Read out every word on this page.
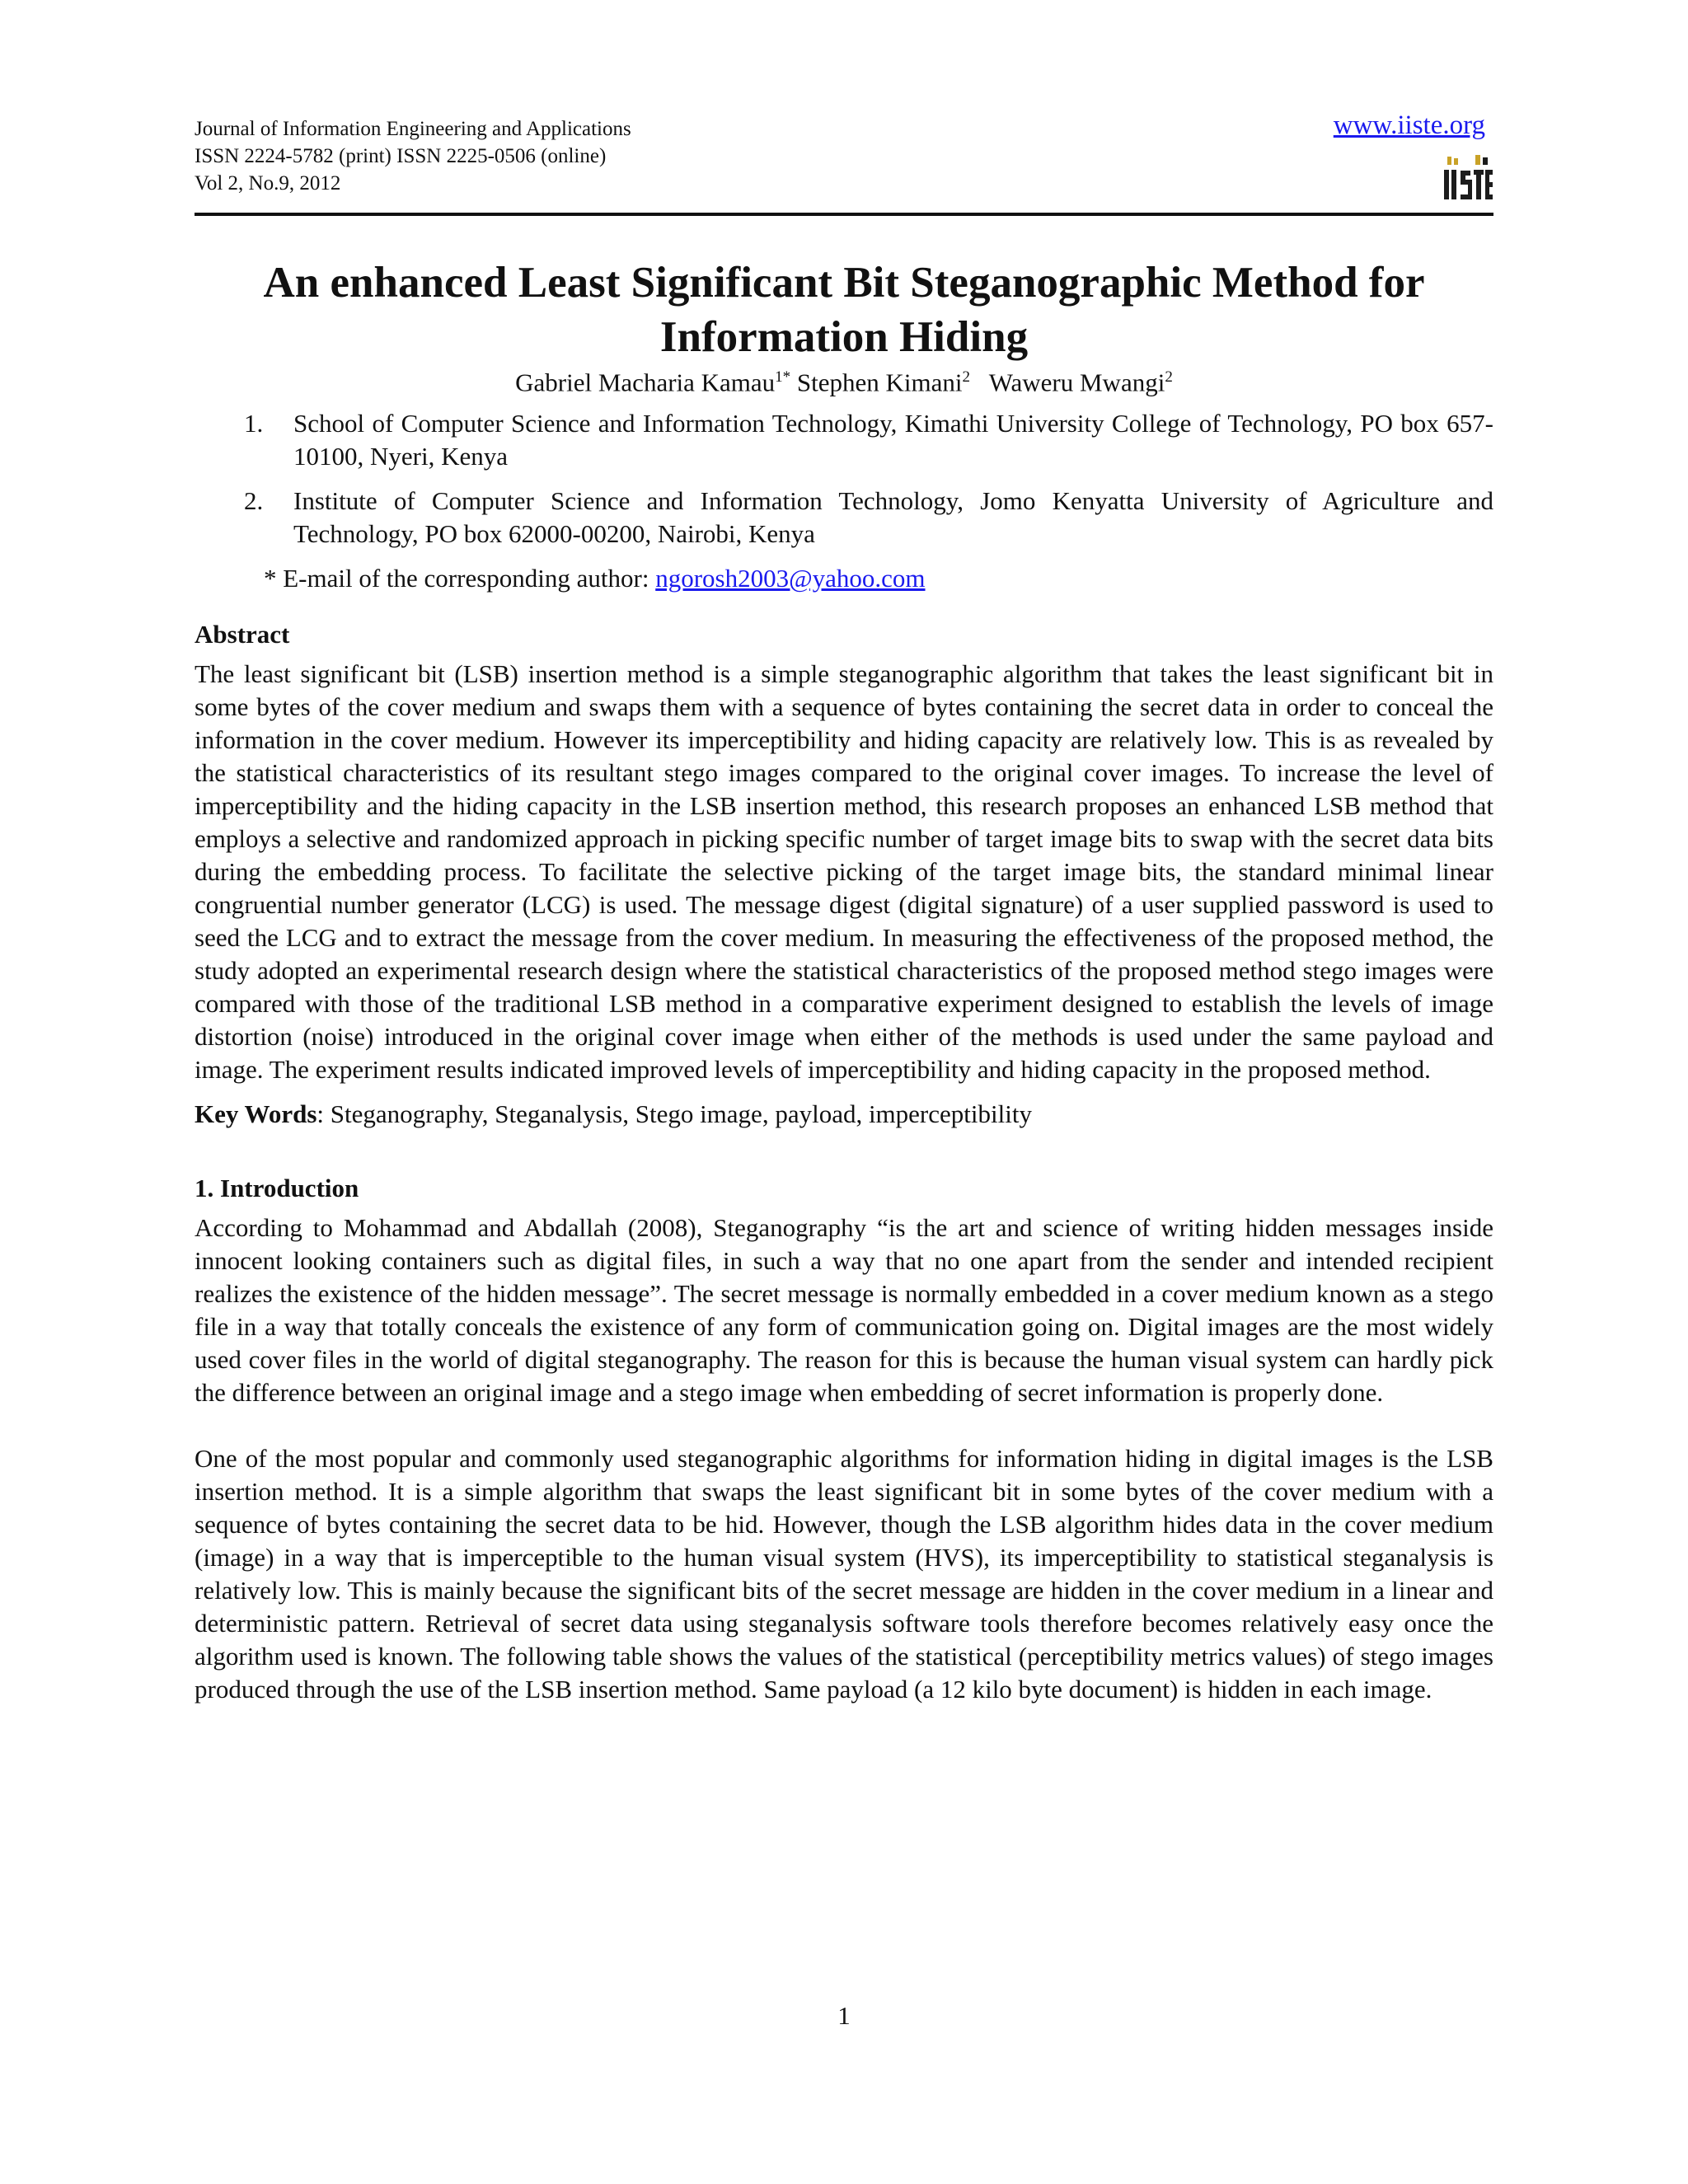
Journal of Information Engineering and Applications
ISSN 2224-5782 (print) ISSN 2225-0506 (online)
Vol 2, No.9, 2012
www.iiste.org
An enhanced Least Significant Bit Steganographic Method for Information Hiding
Gabriel Macharia Kamau$^{1*}$ Stephen Kimani$^2$ Waweru Mwangi$^2$
1. School of Computer Science and Information Technology, Kimathi University College of Technology, PO box 657-10100, Nyeri, Kenya
2. Institute of Computer Science and Information Technology, Jomo Kenyatta University of Agriculture and Technology, PO box 62000-00200, Nairobi, Kenya
* E-mail of the corresponding author: ngorosh2003@yahoo.com
Abstract

The least significant bit (LSB) insertion method is a simple steganographic algorithm that takes the least significant bit in some bytes of the cover medium and swaps them with a sequence of bytes containing the secret data in order to conceal the information in the cover medium. However its imperceptibility and hiding capacity are relatively low. This is as revealed by the statistical characteristics of its resultant stego images compared to the original cover images. To increase the level of imperceptibility and the hiding capacity in the LSB insertion method, this research proposes an enhanced LSB method that employs a selective and randomized approach in picking specific number of target image bits to swap with the secret data bits during the embedding process. To facilitate the selective picking of the target image bits, the standard minimal linear congruential number generator (LCG) is used. The message digest (digital signature) of a user supplied password is used to seed the LCG and to extract the message from the cover medium. In measuring the effectiveness of the proposed method, the study adopted an experimental research design where the statistical characteristics of the proposed method stego images were compared with those of the traditional LSB method in a comparative experiment designed to establish the levels of image distortion (noise) introduced in the original cover image when either of the methods is used under the same payload and image. The experiment results indicated improved levels of imperceptibility and hiding capacity in the proposed method.

Key Words: Steganography, Steganalysis, Stego image, payload, imperceptibility
1. Introduction

According to Mohammad and Abdallah (2008), Steganography “is the art and science of writing hidden messages inside innocent looking containers such as digital files, in such a way that no one apart from the sender and intended recipient realizes the existence of the hidden message”. The secret message is normally embedded in a cover medium known as a stego file in a way that totally conceals the existence of any form of communication going on. Digital images are the most widely used cover files in the world of digital steganography. The reason for this is because the human visual system can hardly pick the difference between an original image and a stego image when embedding of secret information is properly done.

One of the most popular and commonly used steganographic algorithms for information hiding in digital images is the LSB insertion method. It is a simple algorithm that swaps the least significant bit in some bytes of the cover medium with a sequence of bytes containing the secret data to be hid. However, though the LSB algorithm hides data in the cover medium (image) in a way that is imperceptible to the human visual system (HVS), its imperceptibility to statistical steganalysis is relatively low. This is mainly because the significant bits of the secret message are hidden in the cover medium in a linear and deterministic pattern. Retrieval of secret data using steganalysis software tools therefore becomes relatively easy once the algorithm used is known. The following table shows the values of the statistical (perceptibility metrics values) of stego images produced through the use of the LSB insertion method. Same payload (a 12 kilo byte document) is hidden in each image.

1
